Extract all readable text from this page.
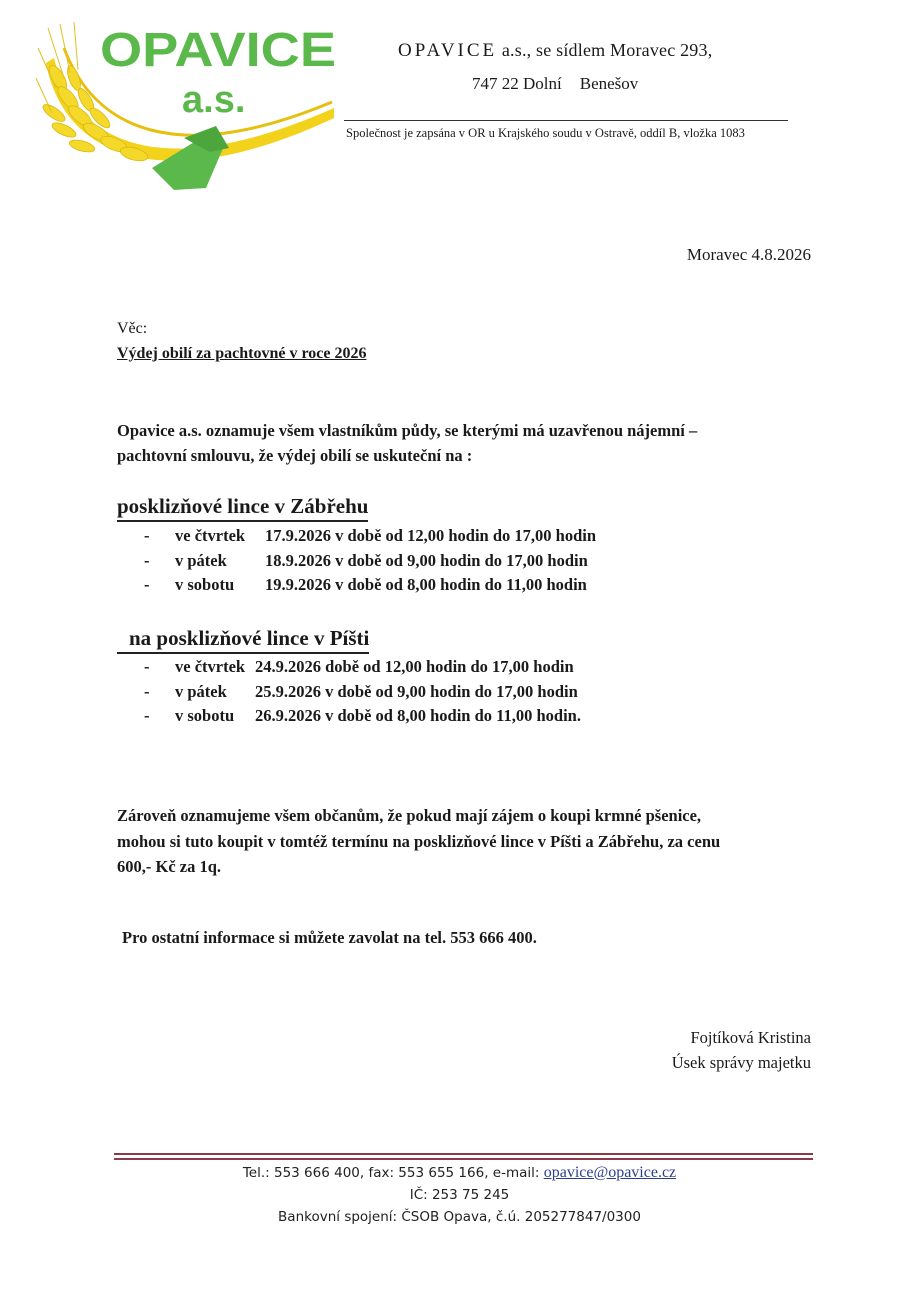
OPAVICE
a.s.
OPAVICE a.s., se sídlem Moravec 293,
747 22 Dolní Benešov
Společnost je zapsána v OR u Krajského soudu v Ostravě, oddíl B, vložka 1083
Moravec 4.8.2026
Věc:
Výdej obilí za pachtovné v roce 2026
Opavice a.s. oznamuje všem vlastníkům půdy, se kterými má uzavřenou nájemní –
pachtovní smlouvu, že výdej obilí se uskuteční na :
posklizňové lince v Zábřehu
-	ve čtvrtek	17.9.2026 v době od 12,00 hodin do 17,00 hodin
-	v pátek	18.9.2026 v době od 9,00 hodin do 17,00 hodin
-	v sobotu	19.9.2026 v době od 8,00 hodin do 11,00 hodin
na posklizňové lince v Píšti
-	ve čtvrtek 24.9.2026 době od 12,00 hodin do 17,00 hodin
-	v pátek	25.9.2026 v době od 9,00 hodin do 17,00 hodin
-	v sobotu	26.9.2026 v době od 8,00 hodin do 11,00 hodin.
Zároveň oznamujeme všem občanům, že pokud mají zájem o koupi krmné pšenice,
mohou si tuto koupit v tomtéž termínu na posklizňové lince v Píšti a Zábřehu, za cenu
600,- Kč za 1q.
Pro ostatní informace si můžete zavolat na tel. 553 666 400.
Fojtíková Kristina
Úsek správy majetku
Tel.: 553 666 400, fax: 553 655 166, e-mail: opavice@opavice.cz
IČ: 253 75 245
Bankovní spojení: ČSOB Opava, č.ú. 205277847/0300
